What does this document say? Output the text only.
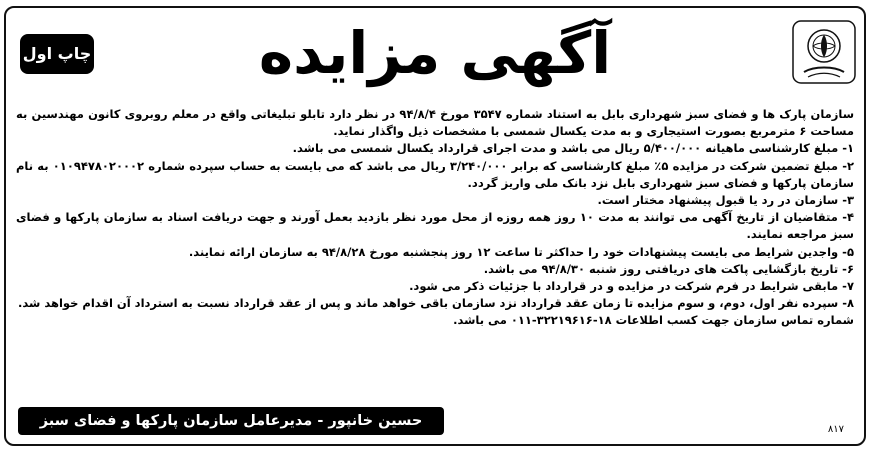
چاپ اول	آگهی مزایده

سازمان پارک ها و فضای سبز شهرداری بابل به استناد شماره ۳۵۴۷ مورخ ۹۴/۸/۴ در نظر دارد تابلو تبلیغاتی واقع در معلم روبروی کانون مهندسین به مساحت ۶ مترمربع بصورت استیجاری و به مدت یکسال شمسی با مشخصات ذیل واگذار نماید.

۱- مبلغ کارشناسی ماهیانه ۵/۴۰۰/۰۰۰ ریال می باشد و مدت اجرای قرارداد یکسال شمسی می باشد.

۲- مبلغ تضمین شرکت در مزایده ۵٪ مبلغ کارشناسی که برابر ۳/۲۴۰/۰۰۰ ریال می باشد که می بایست به حساب سپرده شماره ۰۱۰۹۴۷۸۰۲۰۰۰۲ به نام سازمان پارکها و فضای سبز شهرداری بابل نزد بانک ملی واریز گردد.

۳- سازمان در رد یا قبول پیشنهاد مختار است.

۴- متقاضیان از تاریخ آگهی می توانند به مدت ۱۰ روز همه روزه از محل مورد نظر بازدید بعمل آورند و جهت دریافت اسناد به سازمان پارکها و فضای سبز مراجعه نمایند.

۵- واجدین شرایط می بایست پیشنهادات خود را حداکثر تا ساعت ۱۲ روز پنجشنبه مورخ ۹۴/۸/۲۸ به سازمان ارائه نمایند.

۶- تاریخ بازگشایی پاکت های دریافتی روز شنبه ۹۴/۸/۳۰ می باشد.

۷- مابقی شرایط در فرم شرکت در مزایده و در قرارداد با جزئیات ذکر می شود.

۸- سپرده نفر اول، دوم، و سوم مزایده تا زمان عقد قرارداد نزد سازمان باقی خواهد ماند و پس از عقد قرارداد نسبت به استرداد آن اقدام خواهد شد.

شماره تماس سازمان جهت کسب اطلاعات ۱۸-۳۲۲۱۹۶۱۶-۰۱۱ می باشد.

حسین خانپور - مدیرعامل سازمان پارکها و فضای سبز
۸۱۷
